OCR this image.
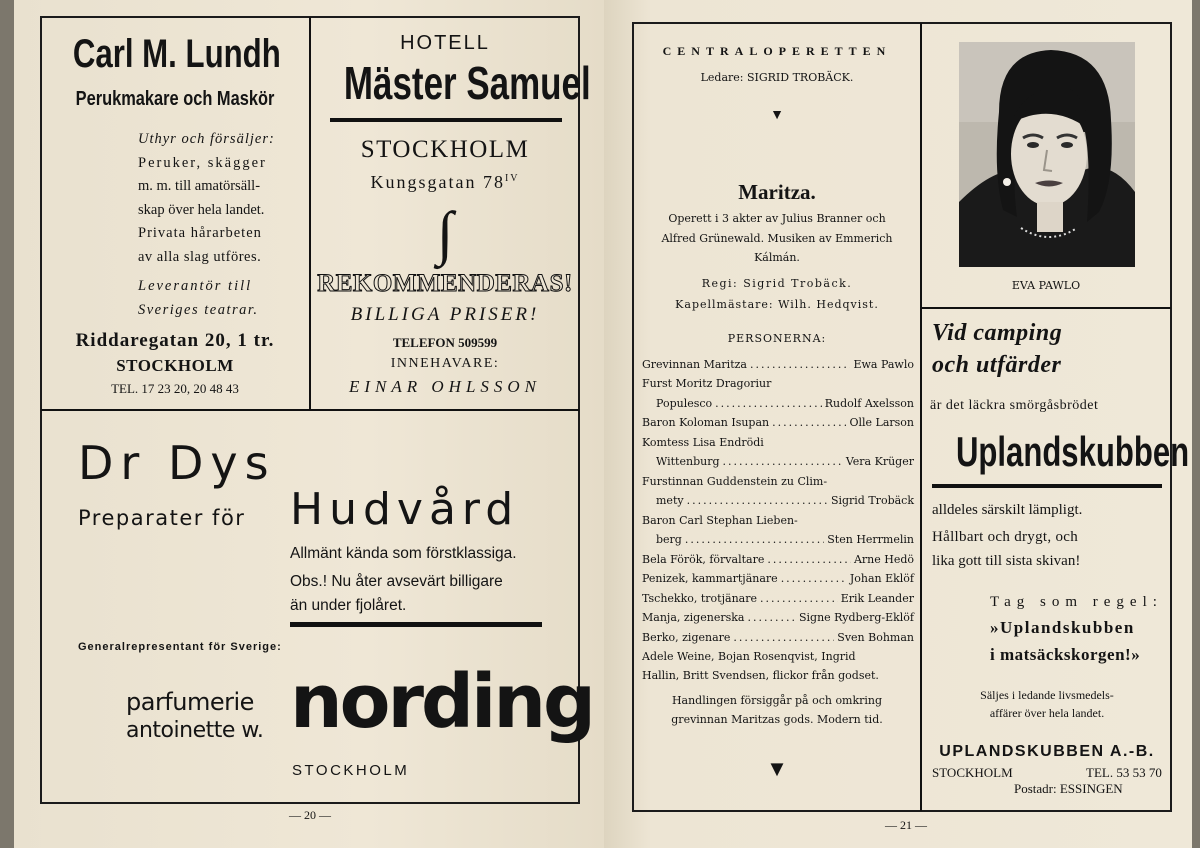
Carl M. Lundh
Perukmakare och Maskör
Uthyr och försäljer:
Peruker, skägger
m. m. till amatörsäll-
skap över hela landet.
Privata hårarbeten
av alla slag utföres.
Leverantör till
Sveriges teatrar.
Riddaregatan 20, 1 tr.
STOCKHOLM
TEL. 17 23 20, 20 48 43
HOTELL
Mäster Samuel
STOCKHOLM
Kungsgatan $78^{IV}$
∫
REKOMMENDERAS!
BILLIGA PRISER!
TELEFON 509599
INNEHAVARE:
EINAR OHLSSON
Dr Dys
Preparater för Hudvård
Allmänt kända som förstklassiga.
Obs.! Nu åter avsevärt billigare
än under fjolåret.
Generalrepresentant för Sverige:
parfumerie
antoinette w. nording
STOCKHOLM
— 20 —
CENTRALOPERETTEN
Ledare: SIGRID TROBÄCK.
▼
Maritza.
Operett i 3 akter av Julius Branner och
Alfred Grünewald. Musiken av Emmerich
Kálmán.
Regi: Sigrid Trobäck.
Kapellmästare: Wilh. Hedqvist.
PERSONERNA:
Grevinnan Maritza .....	Ewa Pawlo
Furst Moritz Dragoriur
Populesco .....	Rudolf Axelsson
Baron Koloman Isupan .....	Olle Larson
Komtess Lisa Endrödi
Wittenburg .....	Vera Krüger
Furstinnan Guddenstein zu Clim-
mety .....	Sigrid Trobäck
Baron Carl Stephan Lieben-
berg .....	Sten Herrmelin
Bela Förök, förvaltare .....	Arne Hedö
Penizek, kammartjänare .....	Johan Eklöf
Tschekko, trotjänare .....	Erik Leander
Manja, zigenerska .....	Signe Rydberg-Eklöf
Berko, zigenare .....	Sven Bohman
Adele Weine, Bojan Rosenqvist, Ingrid
Hallin, Britt Svendsen, flickor från godset.
Handlingen försiggår på och omkring
grevinnan Maritzas gods. Modern tid.
▼
EVA PAWLO
Vid camping
och utfärder
är det läckra smörgåsbrödet
Uplandskubben
alldeles särskilt lämpligt.
Hållbart och drygt, och
lika gott till sista skivan!
Tag som regel:
»Uplandskubben
i matsäckskorgen!»
Säljes i ledande livsmedels-
affärer över hela landet.
UPLANDSKUBBEN A.-B.
STOCKHOLM	TEL. 53 53 70
Postadr: ESSINGEN
— 21 —
